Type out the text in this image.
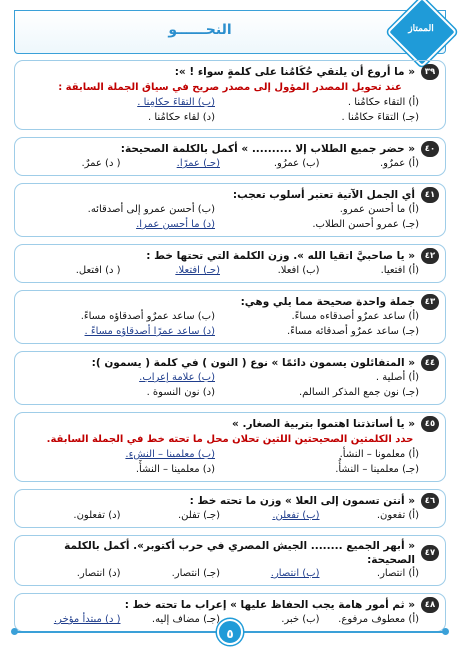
النحــــــو	الممتاز
٣٩
« ما أروع أن يلتقي حُكَامُنا على كلمةٍ سواء ! »:
عند تحويل المصدر المؤول إلى مصدر صريح في سياق الجملة السابقة :
(أ) التقاء حكامُنا .
(ب) التقاءَ حكامِنا .
(جـ) التقاءَ حكامُنا .
(د) لقاء حكامُنا .
٤٠
« حضر جميع الطلاب إلا .......... » أكمل بالكلمة الصحيحة:
(أ) عمرٌو.
(ب) عمرُو.
(جـ) عمرًا.
( د) عمرٌ.
٤١
أي الجمل الآتية تعتبر أسلوب تعجب:
(أ) ما أحسن عمرو.
(ب) أحسن عمرو إلى أصدقائه.
(جـ) عمرو أحسن الطلاب.
(د) ما أحسن عمرا.
٤٢
« يا صاحبيَّ اتقيا الله ». وزن الكلمة التي تحتها خط :
(أ) افتعيا.
(ب) افعلا.
(جـ) افتعلا.
( د) افتعل.
٤٣
جملة واحدة صحيحة مما يلي وهي:
(أ) ساعد عمرٌو أصدقاءه مساءً.
(ب) ساعد عمرٌو أصدقاؤه مساءً.
(جـ) ساعد عمرٌو أصدقائه مساءً.
(د) ساعد عمرًا أصدقاؤه مساءً .
٤٤
« المتفائلون يسمون دائمًا » نوع ( النون ) في كلمة ( يسمون ):
(أ) أصلية .
(ب) علامة إعراب.
(جـ) نون جمع المذكر السالم.
(د) نون النسوة .
٤٥
« يا أساتذتنا اهتموا بتربية الصغار. »
حدد الكلمتين الصحيحتين اللتين تحلان محل ما تحته خط في الجملة السابقة.
(أ) معلمونا – النشأ.
(ب) معلمينا – النشءِ.
(جـ) معلمينا – النشأُ.
(د) معلمينا – النشأَ.
٤٦
« أنتن تسمون إلى العلا » وزن ما تحته خط :
(أ) تفعون.
(ب) تفعلن.
(جـ) تفلن.
(د) تفعلون.
٤٧
« أبهر الجميع ........ الجيش المصري في حرب أكتوبر». أكمل بالكلمة الصحيحة:
(أ) انتصار.
(ب) انتصار.
(جـ) انتصار.
(د) انتصار.
٤٨
« ثم أمور هامة يجب الحفاظ عليها » إعراب ما تحته خط :
(أ) معطوف مرفوع.
(ب) خبر.
(جـ) مضاف إليه.
( د) مبتدأ مؤخر.
٥
